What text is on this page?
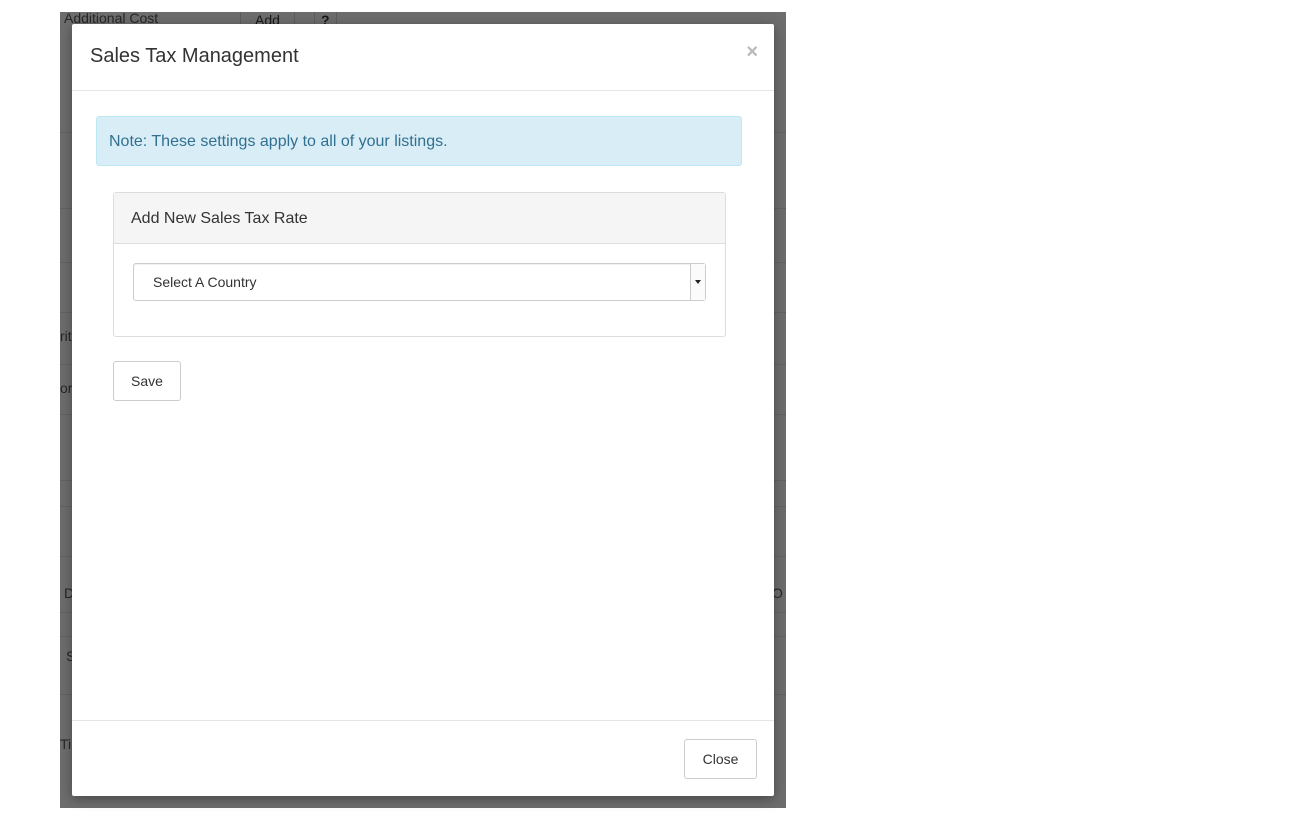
Sales Tax Management	×
Note: These settings apply to all of your listings.
Add New Sales Tax Rate
Select A Country
Save
Close
